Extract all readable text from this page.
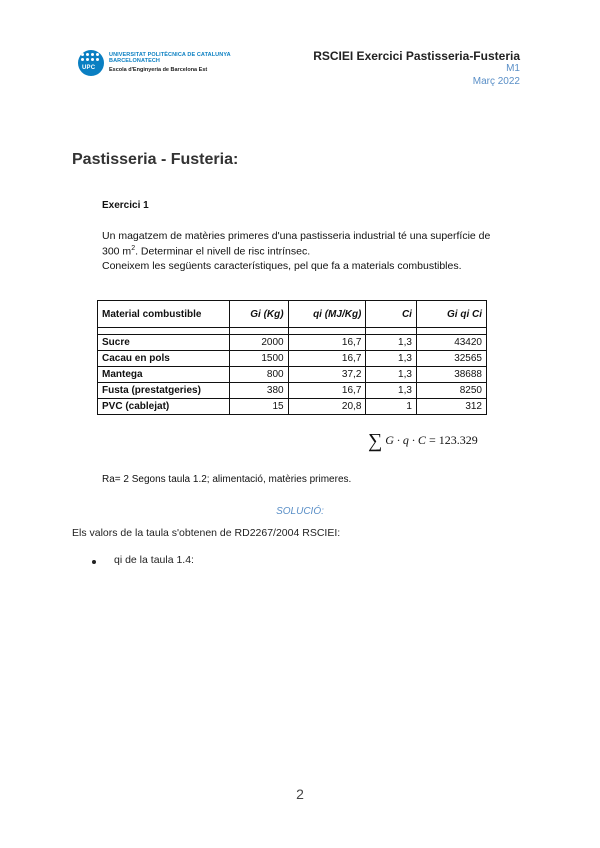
UPC
UNIVERSITAT POLITÈCNICA DE CATALUNYA
BARCELONATECH
Escola d'Enginyeria de Barcelona Est
RSCIEI Exercici Pastisseria-Fusteria
M1
Març 2022
Pastisseria - Fusteria:
Exercici 1
Un magatzem de matèries primeres d'una pastisseria industrial té una superfície de
300 $m^2$. Determinar el nivell de risc intrínsec.
Coneixem les següents característiques, pel que fa a materials combustibles.
Material combustible	Gi (Kg)	qi (MJ/Kg)	Ci	Gi qi Ci

Sucre	2000	16,7	1,3	43420
Cacau en pols	1500	16,7	1,3	32565
Mantega	800	37,2	1,3	38688
Fusta (prestatgeries)	380	16,7	1,3	8250
PVC (cablejat)	15	20,8	1	312
∑ G · q · C = 123.329
Ra= 2 Segons taula 1.2; alimentació, matèries primeres.
SOLUCIÓ:
Els valors de la taula s'obtenen de RD2267/2004 RSCIEI:
qi de la taula 1.4:
2
